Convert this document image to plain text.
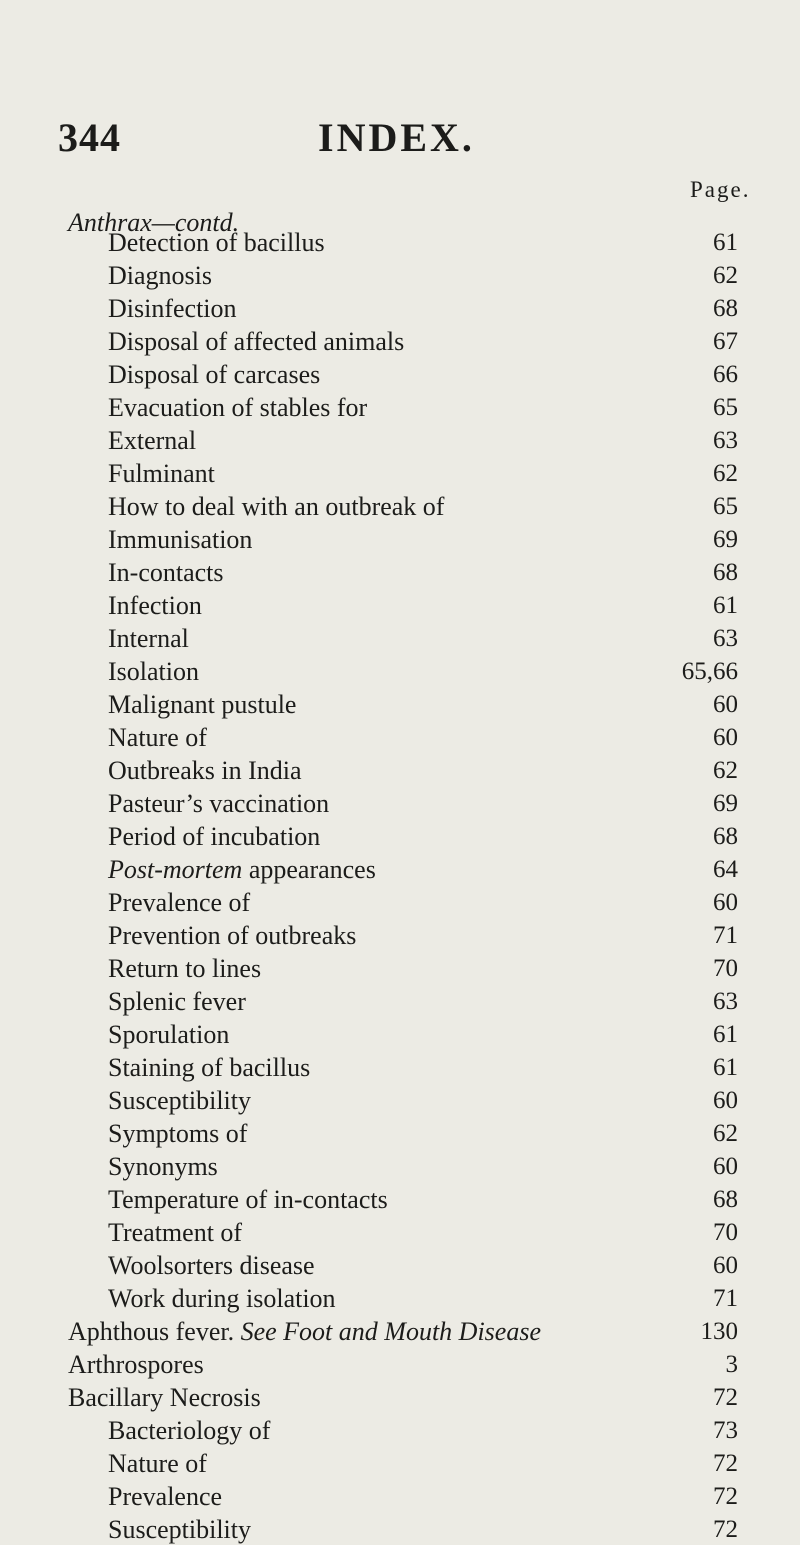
344	INDEX.
Page.
Anthrax—contd.
Detection of bacillus	61
Diagnosis	62
Disinfection	68
Disposal of affected animals	67
Disposal of carcases	66
Evacuation of stables for	65
External	63
Fulminant	62
How to deal with an outbreak of	65
Immunisation	69
In-contacts	68
Infection	61
Internal	63
Isolation	65,66
Malignant pustule	60
Nature of	60
Outbreaks in India	62
Pasteur’s vaccination	69
Period of incubation	68
Post-mortem appearances	64
Prevalence of	60
Prevention of outbreaks	71
Return to lines	70
Splenic fever	63
Sporulation	61
Staining of bacillus	61
Susceptibility	60
Symptoms of	62
Synonyms	60
Temperature of in-contacts	68
Treatment of	70
Woolsorters disease	60
Work during isolation	71
Aphthous fever. See Foot and Mouth Disease	130
Arthrospores	3
Bacillary Necrosis	72
Bacteriology of	73
Nature of	72
Prevalence	72
Susceptibility	72
